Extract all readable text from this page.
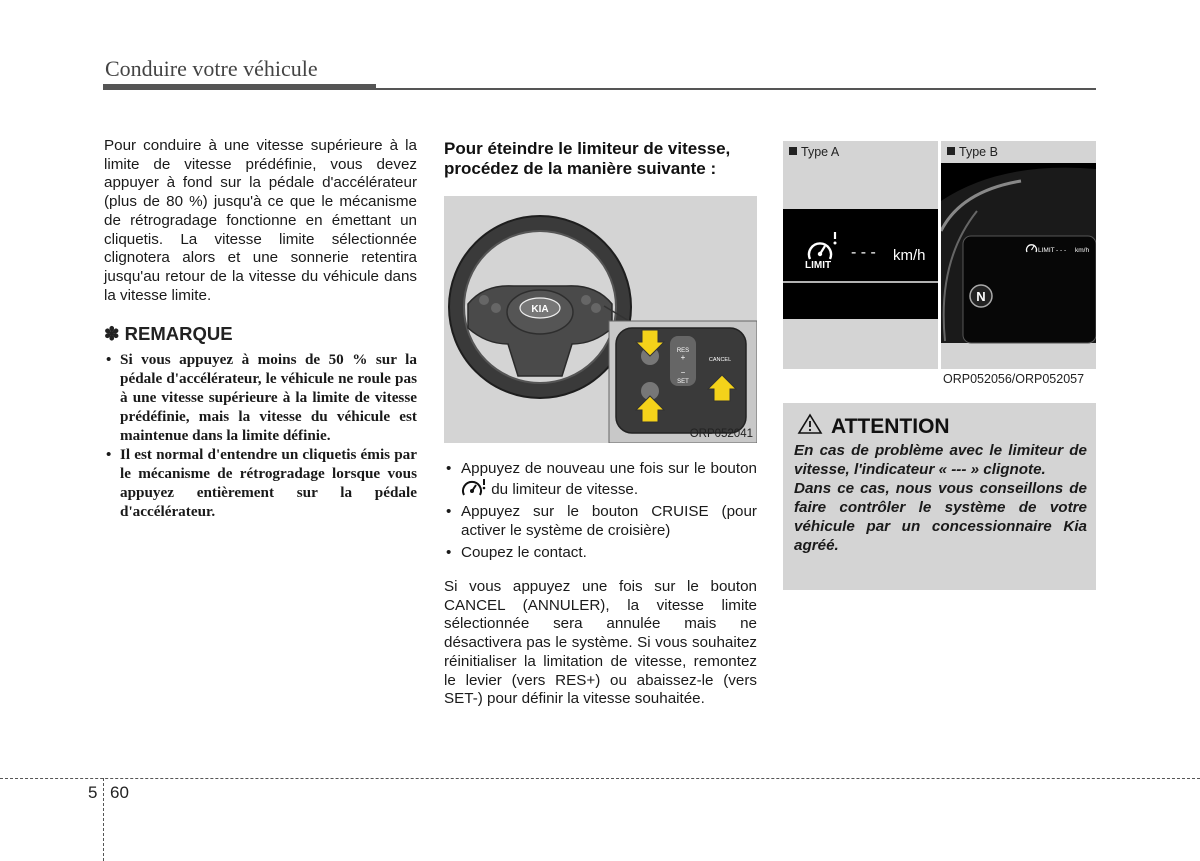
Conduire votre véhicule
Pour conduire à une vitesse supérieure à la limite de vitesse prédéfinie, vous devez appuyer à fond sur la pédale d'accélérateur (plus de 80 %) jusqu'à ce que le mécanisme de rétrogradage fonctionne en émettant un cliquetis. La vitesse limite sélectionnée clignotera alors et une sonnerie retentira jusqu'au retour de la vitesse du véhicule dans la vitesse limite.
✽ REMARQUE
• Si vous appuyez à moins de 50 % sur la pédale d'accélérateur, le véhicule ne roule pas à une vitesse supérieure à la limite de vitesse prédéfinie, mais la vitesse du véhicule est maintenue dans la limite définie.
• Il est normal d'entendre un cliquetis émis par le mécanisme de rétrogradage lorsque vous appuyez entièrement sur la pédale d'accélérateur.
Pour éteindre le limiteur de vitesse, procédez de la manière suivante :
KIA
RES
+
−
SET
CANCEL
ORP052041
• Appuyez de nouveau une fois sur le bouton  du limiteur de vitesse.
• Appuyez sur le bouton CRUISE (pour activer le système de croisière)
• Coupez le contact.
Si vous appuyez une fois sur le bouton CANCEL (ANNULER), la vitesse limite sélectionnée sera annulée mais ne désactivera pas le système. Si vous souhaitez réinitialiser la limitation de vitesse, remontez le levier (vers RES+) ou abaissez-le (vers SET-) pour définir la vitesse souhaitée.
Type A
LIMIT
- - - km/h
Type B
LIMIT - - - km/h
N
ORP052056/ORP052057
ATTENTION

En cas de problème avec le limiteur de vitesse, l'indicateur « --- » clignote.

Dans ce cas, nous vous conseillons de faire contrôler le système de votre véhicule par un concessionnaire Kia agréé.

5 60
